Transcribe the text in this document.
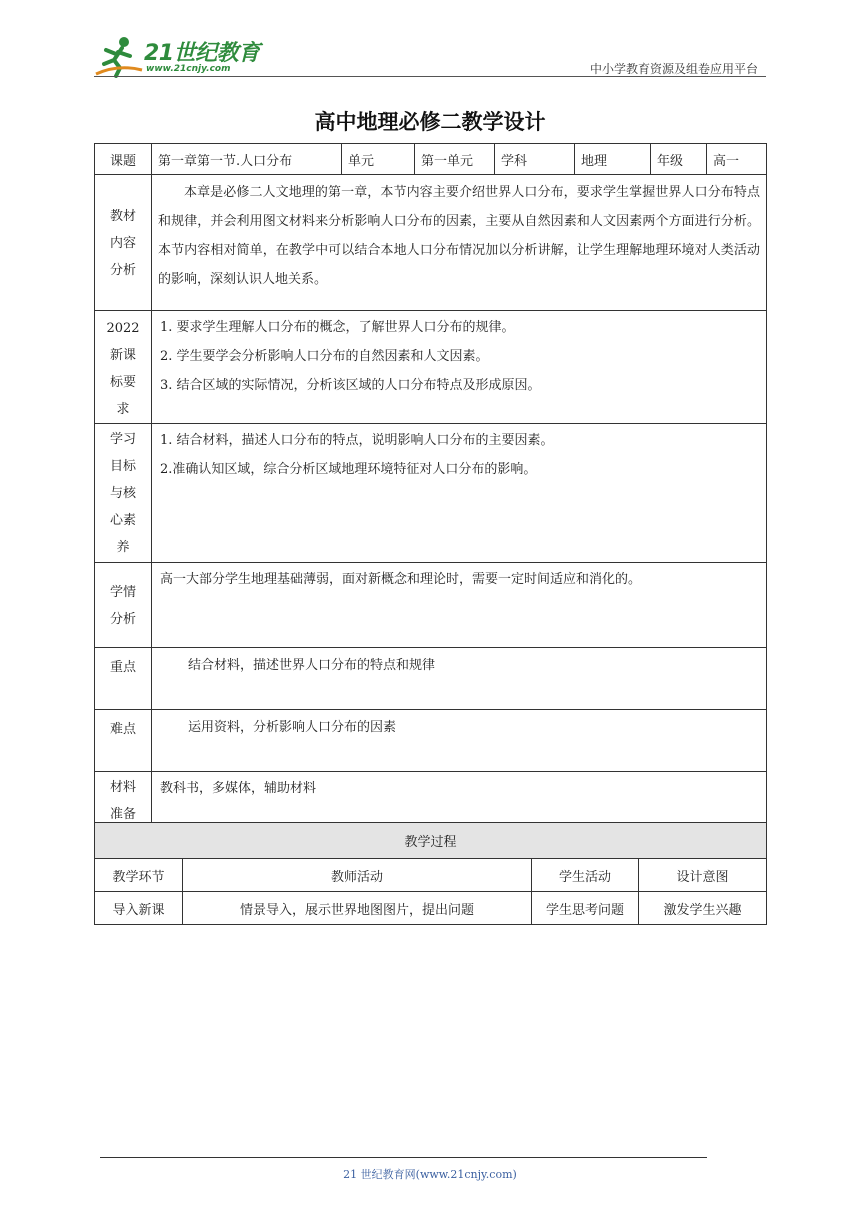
21世纪教育
www.21cnjy.com	中小学教育资源及组卷应用平台
高中地理必修二教学设计
课题	第一章第一节.人口分布	单元	第一单元	学科	地理	年级	高一
教材内容分析	本章是必修二人文地理的第一章，本节内容主要介绍世界人口分布，要求学生掌握世界人口分布特点和规律，并会利用图文材料来分析影响人口分布的因素，主要从自然因素和人文因素两个方面进行分析。本节内容相对简单，在教学中可以结合本地人口分布情况加以分析讲解，让学生理解地理环境对人类活动的影响，深刻认识人地关系。						
2022新课标要求	1. 要求学生理解人口分布的概念，了解世界人口分布的规律。
2. 学生要学会分析影响人口分布的自然因素和人文因素。
3. 结合区域的实际情况，分析该区域的人口分布特点及形成原因。						

学习目标与核心素养	1. 结合材料，描述人口分布的特点，说明影响人口分布的主要因素。
2.准确认知区域，综合分析区域地理环境特征对人口分布的影响。						

学情分析	高一大部分学生地理基础薄弱，面对新概念和理论时，需要一定时间适应和消化的。						
重点	结合材料，描述世界人口分布的特点和规律						
难点	运用资料，分析影响人口分布的因素						
材料准备	教科书，多媒体，辅助材料						
教学过程			
教学环节	教师活动	学生活动	设计意图
导入新课	情景导入，展示世界地图图片，提出问题	学生思考问题	激发学生兴趣
21 世纪教育网(www.21cnjy.com)
